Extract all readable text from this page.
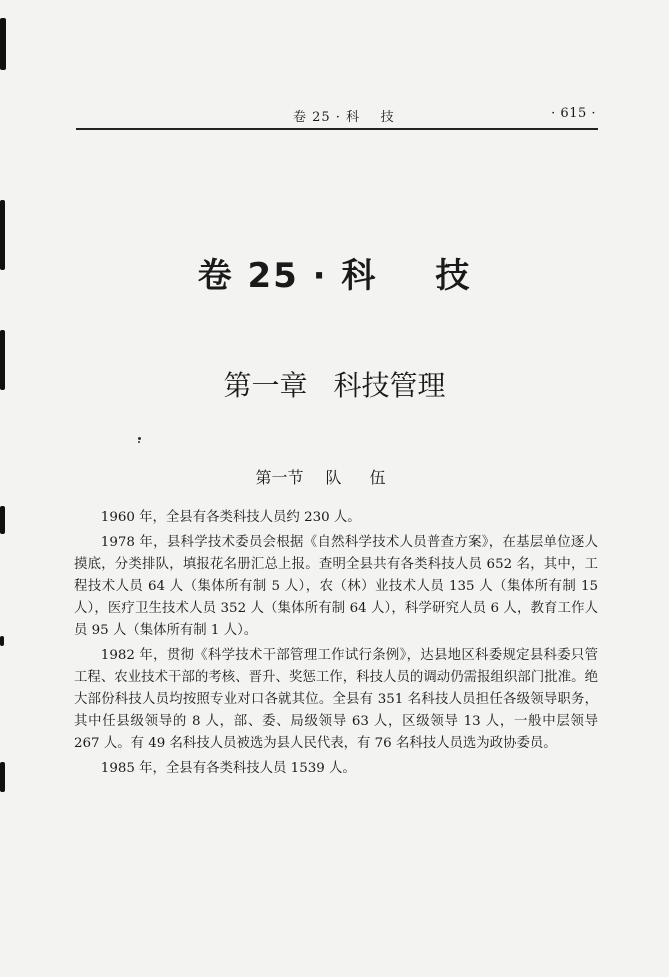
卷 25 · 科    技	· 615 ·
卷 25 · 科 技
第一章 科技管理
第一节 队伍

1960 年，全县有各类科技人员约 230 人。

1978 年，县科学技术委员会根据《自然科学技术人员普查方案》，在基层单位逐人摸底，分类排队，填报花名册汇总上报。查明全县共有各类科技人员 652 名，其中，工程技术人员 64 人（集体所有制 5 人），农（林）业技术人员 135 人（集体所有制 15 人），医疗卫生技术人员 352 人（集体所有制 64 人），科学研究人员 6 人，教育工作人员 95 人（集体所有制 1 人）。

1982 年，贯彻《科学技术干部管理工作试行条例》，达县地区科委规定县科委只管工程、农业技术干部的考核、晋升、奖惩工作，科技人员的调动仍需报组织部门批准。绝大部份科技人员均按照专业对口各就其位。全县有 351 名科技人员担任各级领导职务，其中任县级领导的 8 人，部、委、局级领导 63 人，区级领导 13 人，一般中层领导 267 人。有 49 名科技人员被选为县人民代表，有 76 名科技人员选为政协委员。

1985 年，全县有各类科技人员 1539 人。
